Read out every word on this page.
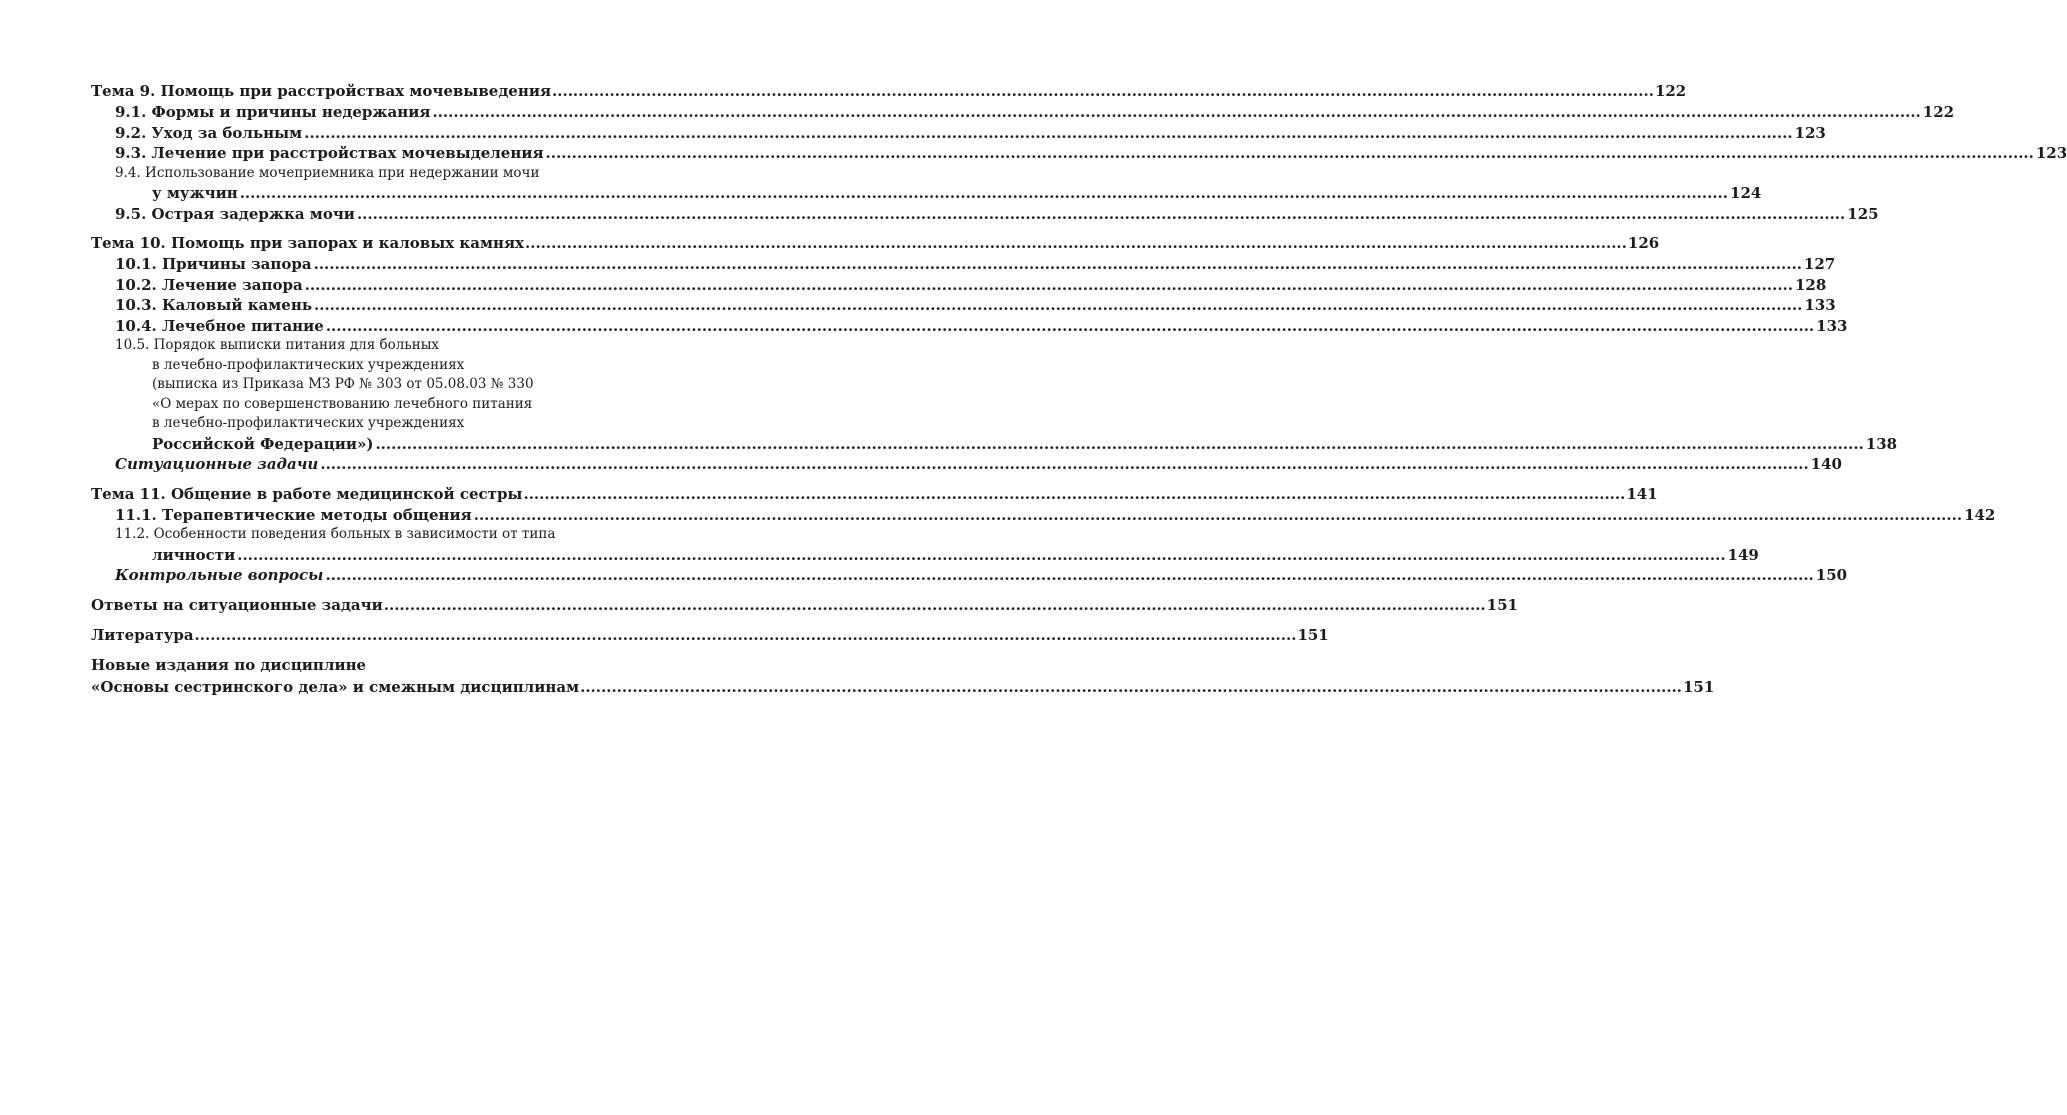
Тема 9. Помощь при расстройствах мочевыведения .....	122
9.1. Формы и причины недержания .....	122
9.2. Уход за больным .....	123
9.3. Лечение при расстройствах мочевыделения .....	123
9.4. Использование мочеприемника при недержании мочи
у мужчин .....	124
9.5. Острая задержка мочи .....	125
Тема 10. Помощь при запорах и каловых камнях .....	126
10.1. Причины запора .....	127
10.2. Лечение запора .....	128
10.3. Каловый камень .....	133
10.4. Лечебное питание .....	133
10.5. Порядок выписки питания для больных
в лечебно-профилактических учреждениях
(выписка из Приказа МЗ РФ № 303 от 05.08.03 № 330
«О мерах по совершенствованию лечебного питания
в лечебно-профилактических учреждениях
Российской Федерации») .....	138
Ситуационные задачи .....	140
Тема 11. Общение в работе медицинской сестры .....	141
11.1. Терапевтические методы общения .....	142
11.2. Особенности поведения больных в зависимости от типа
личности .....	149
Контрольные вопросы .....	150
Ответы на ситуационные задачи .....	151
Литература .....	151
Новые издания по дисциплине
«Основы сестринского дела» и смежным дисциплинам .....	151
